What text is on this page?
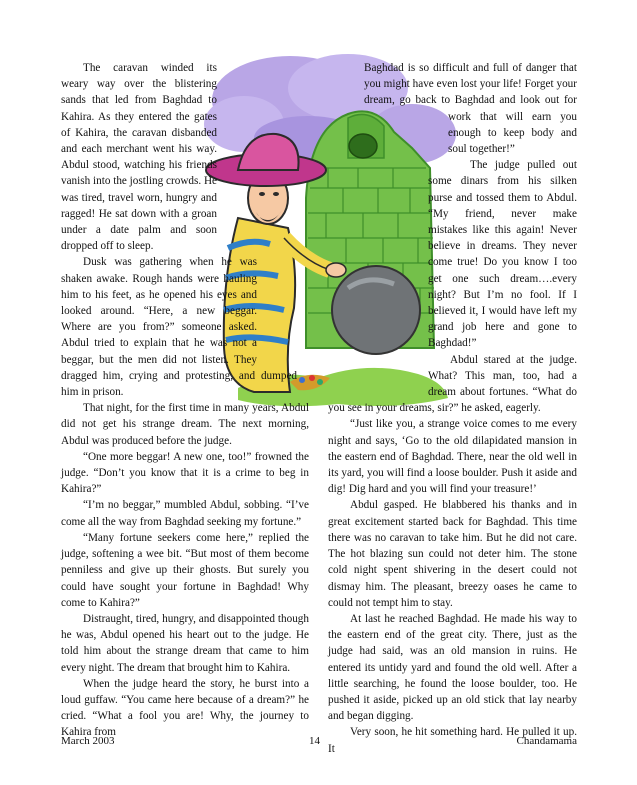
The caravan winded its weary way over the blistering sands that led from Baghdad to Kahira. As they entered the gates of Kahira, the caravan disbanded and each merchant went his way. Abdul stood, watching his friends vanish into the jostling crowds. He was tired, travel worn, hungry and ragged! He sat down with a groan under a date palm and soon dropped off to sleep.

Dusk was gathering when he was shaken awake. Rough hands were hauling him to his feet, as he opened his eyes and looked around. “Here, a new beggar. Where are you from?” someone asked. Abdul tried to explain that he was not a beggar, but the men did not listen. They dragged him, crying and protesting, and dumped him in prison.

That night, for the first time in many years, Abdul did not get his strange dream. The next morning, Abdul was produced before the judge.

“One more beggar! A new one, too!” frowned the judge. “Don’t you know that it is a crime to beg in Kahira?”

“I’m no beggar,” mumbled Abdul, sobbing. “I’ve come all the way from Baghdad seeking my fortune.”

“Many fortune seekers come here,” replied the judge, softening a wee bit. “But most of them become penniless and give up their ghosts. But surely you could have sought your fortune in Baghdad! Why come to Kahira?”

Distraught, tired, hungry, and disappointed though he was, Abdul opened his heart out to the judge. He told him about the strange dream that came to him every night. The dream that brought him to Kahira.

When the judge heard the story, he burst into a loud guffaw. “You came here because of a dream?” he cried. “What a fool you are! Why, the journey to Kahira from

Baghdad is so difficult and full of danger that you might have even lost your life! Forget your dream, go back to Baghdad and look out for work that will earn you enough to keep body and soul together!”

The judge pulled out some dinars from his silken purse and tossed them to Abdul. “My friend, never make mistakes like this again! Never believe in dreams. They never come true! Do you know I too get one such dream….every night? But I’m no fool. If I believed it, I would have left my grand job here and gone to Baghdad!”

Abdul stared at the judge. What? This man, too, had a dream about fortunes. “What do you see in your dreams, sir?” he asked, eagerly.

“Just like you, a strange voice comes to me every night and says, ‘Go to the old dilapidated mansion in the eastern end of Baghdad. There, near the old well in its yard, you will find a loose boulder. Push it aside and dig! Dig hard and you will find your treasure!’

Abdul gasped. He blabbered his thanks and in great excitement started back for Baghdad. This time there was no caravan to take him. But he did not care. The hot blazing sun could not deter him. The stone cold night spent shivering in the desert could not dismay him. The pleasant, breezy oases he came to could not tempt him to stay.

At last he reached Baghdad. He made his way to the eastern end of the great city. There, just as the judge had said, was an old mansion in ruins. He entered its untidy yard and found the old well. After a little searching, he found the loose boulder, too. He pushed it aside, picked up an old stick that lay nearby and began digging.

Very soon, he hit something hard. He pulled it up. It

March 2003	14	Chandamama
